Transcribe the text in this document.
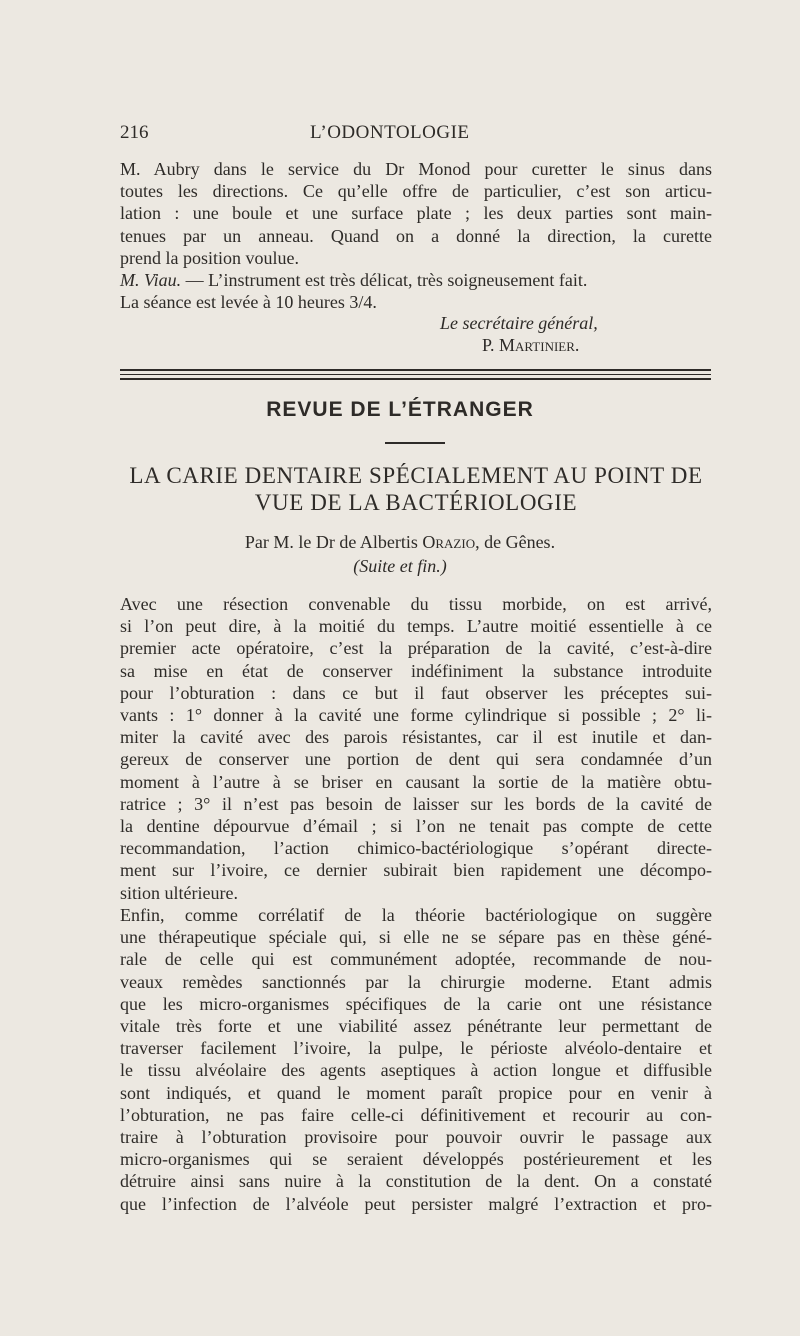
216	L’ODONTOLOGIE
M. Aubry dans le service du Dr Monod pour curetter le sinus dans
toutes les directions. Ce qu’elle offre de particulier, c’est son articu-
lation : une boule et une surface plate ; les deux parties sont main-
tenues par un anneau. Quand on a donné la direction, la curette
prend la position voulue.
M. Viau. — L’instrument est très délicat, très soigneusement fait.
La séance est levée à 10 heures 3/4.
Le secrétaire général,
P. Martinier.
REVUE DE L’ÉTRANGER
LA CARIE DENTAIRE SPÉCIALEMENT AU POINT DE
VUE DE LA BACTÉRIOLOGIE
Par M. le Dr de Albertis Orazio, de Gênes.
(Suite et fin.)
Avec une résection convenable du tissu morbide, on est arrivé,
si l’on peut dire, à la moitié du temps. L’autre moitié essentielle à ce
premier acte opératoire, c’est la préparation de la cavité, c’est-à-dire
sa mise en état de conserver indéfiniment la substance introduite
pour l’obturation : dans ce but il faut observer les préceptes sui-
vants : 1° donner à la cavité une forme cylindrique si possible ; 2° li-
miter la cavité avec des parois résistantes, car il est inutile et dan-
gereux de conserver une portion de dent qui sera condamnée d’un
moment à l’autre à se briser en causant la sortie de la matière obtu-
ratrice ; 3° il n’est pas besoin de laisser sur les bords de la cavité de
la dentine dépourvue d’émail ; si l’on ne tenait pas compte de cette
recommandation, l’action chimico-bactériologique s’opérant directe-
ment sur l’ivoire, ce dernier subirait bien rapidement une décompo-
sition ultérieure.
Enfin, comme corrélatif de la théorie bactériologique on suggère
une thérapeutique spéciale qui, si elle ne se sépare pas en thèse géné-
rale de celle qui est communément adoptée, recommande de nou-
veaux remèdes sanctionnés par la chirurgie moderne. Etant admis
que les micro-organismes spécifiques de la carie ont une résistance
vitale très forte et une viabilité assez pénétrante leur permettant de
traverser facilement l’ivoire, la pulpe, le périoste alvéolo-dentaire et
le tissu alvéolaire des agents aseptiques à action longue et diffusible
sont indiqués, et quand le moment paraît propice pour en venir à
l’obturation, ne pas faire celle-ci définitivement et recourir au con-
traire à l’obturation provisoire pour pouvoir ouvrir le passage aux
micro-organismes qui se seraient développés postérieurement et les
détruire ainsi sans nuire à la constitution de la dent. On a constaté
que l’infection de l’alvéole peut persister malgré l’extraction et pro-
